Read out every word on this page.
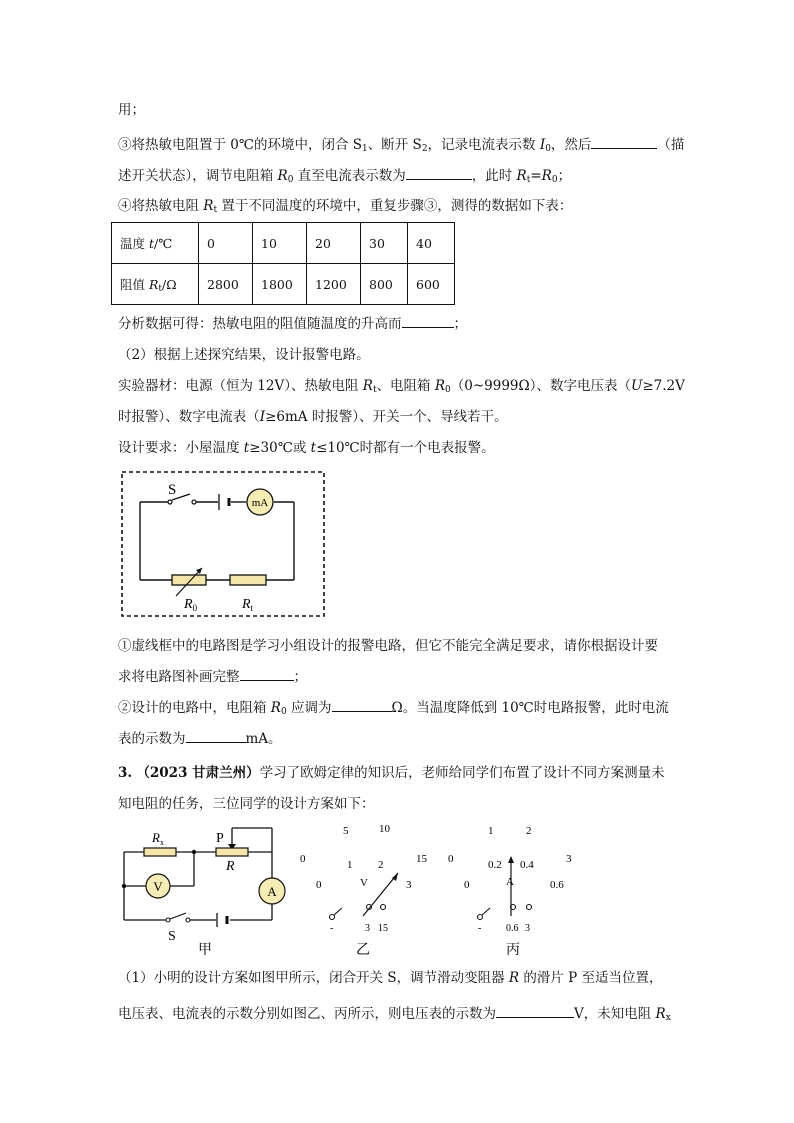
用；
③将热敏电阻置于 0℃的环境中，闭合 $S_1$、断开 $S_2$，记录电流表示数 $I_0$，然后	（描
述开关状态），调节电阻箱 $R_0$ 直至电流表示数为	，此时 $R_t=R_0$；
④将热敏电阻 $R_t$ 置于不同温度的环境中，重复步骤③，测得的数据如下表：
温度 t/℃	0	10	20	30	40
阻值 $R_t/\Omega$	2800	1800	1200	800	600
分析数据可得：热敏电阻的阻值随温度的升高而	；
（2）根据上述探究结果，设计报警电路。
实验器材：电源（恒为 12V）、热敏电阻 $R_t$、电阻箱 $R_0(0\sim 9999\Omega)$、数字电压表（U≥7.2V
时报警）、数字电流表（I≥6mA 时报警）、开关一个、导线若干。
设计要求：小屋温度 t≥30℃或 t≤10℃时都有一个电表报警。
mA
S
$R_0$	$R_t$
①虚线框中的电路图是学习小组设计的报警电路，但它不能完全满足要求，请你根据设计要
求将电路图补画完整	；
②设计的电路中，电阻箱 $R_0$ 应调为	Ω。当温度降低到 10℃时电路报警，此时电流
表的示数为	mA。
3. （2023 甘肃兰州）学习了欧姆定律的知识后，老师给同学们布置了设计不同方案测量未
知电阻的任务，三位同学的设计方案如下：
V	A
$R_x$	P
R
S
甲
5	10
0	15
1 2
0	3
V
-	3 15
乙
1	2
0	3
0.2 0.4
0	0.6
A
- 0.6 3
丙
（1）小明的设计方案如图甲所示，闭合开关 S，调节滑动变阻器 R 的滑片 P 至适当位置，
电压表、电流表的示数分别如图乙、丙所示，则电压表的示数为	V，未知电阻 $R_x$
